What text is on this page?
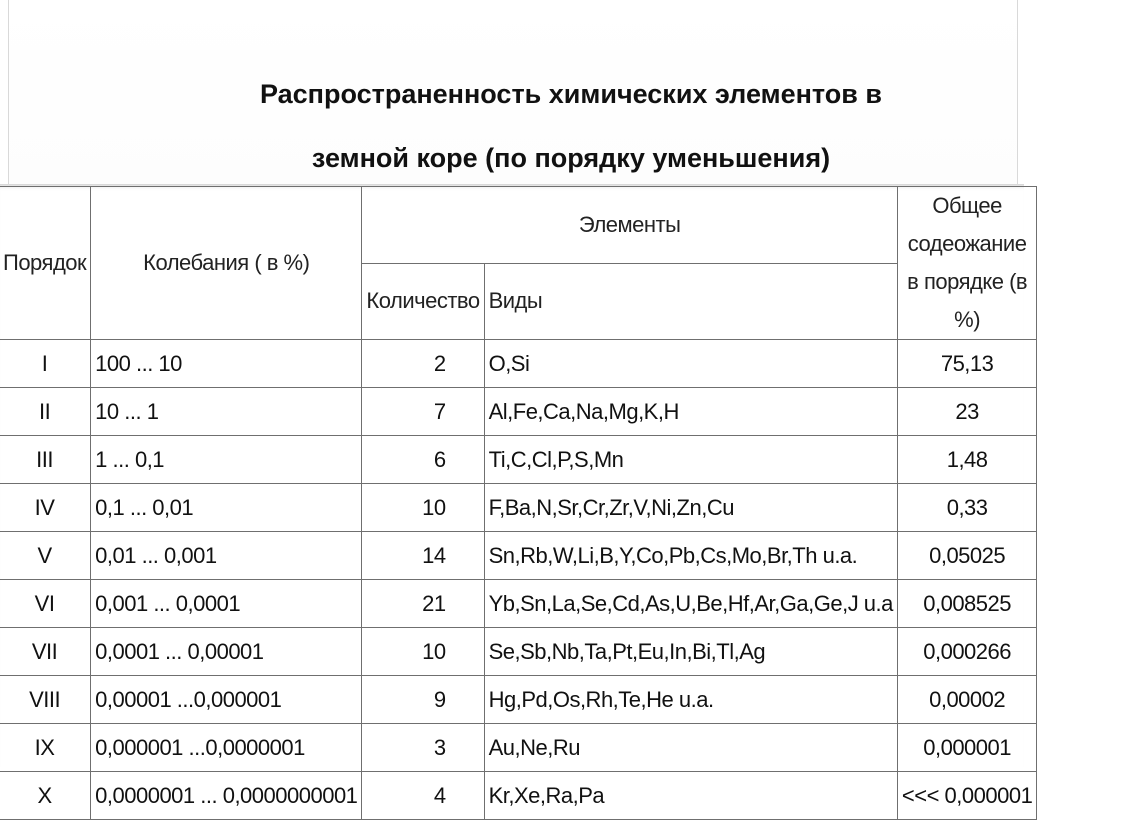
Распространенность химических элементов в
земной коре (по порядку уменьшения)
Порядок	Колебания ( в %)	Элементы		Общее содеожание в порядке (в %)
		Количество	Виды	
I	100 ... 10	2	O,Si	75,13
II	10 ... 1	7	Al,Fe,Ca,Na,Mg,K,H	23
III	1 ... 0,1	6	Ti,C,Cl,P,S,Mn	1,48
IV	0,1 ... 0,01	10	F,Ba,N,Sr,Cr,Zr,V,Ni,Zn,Cu	0,33
V	0,01 ... 0,001	14	Sn,Rb,W,Li,B,Y,Co,Pb,Cs,Mo,Br,Th u.a.	0,05025
VI	0,001 ... 0,0001	21	Yb,Sn,La,Se,Cd,As,U,Be,Hf,Ar,Ga,Ge,J u.a	0,008525
VII	0,0001 ... 0,00001	10	Se,Sb,Nb,Ta,Pt,Eu,In,Bi,Tl,Ag	0,000266
VIII	0,00001 ...0,000001	9	Hg,Pd,Os,Rh,Te,He u.a.	0,00002
IX	0,000001 ...0,0000001	3	Au,Ne,Ru	0,000001
X	0,0000001 ... 0,0000000001	4	Kr,Xe,Ra,Pa	<<< 0,000001
